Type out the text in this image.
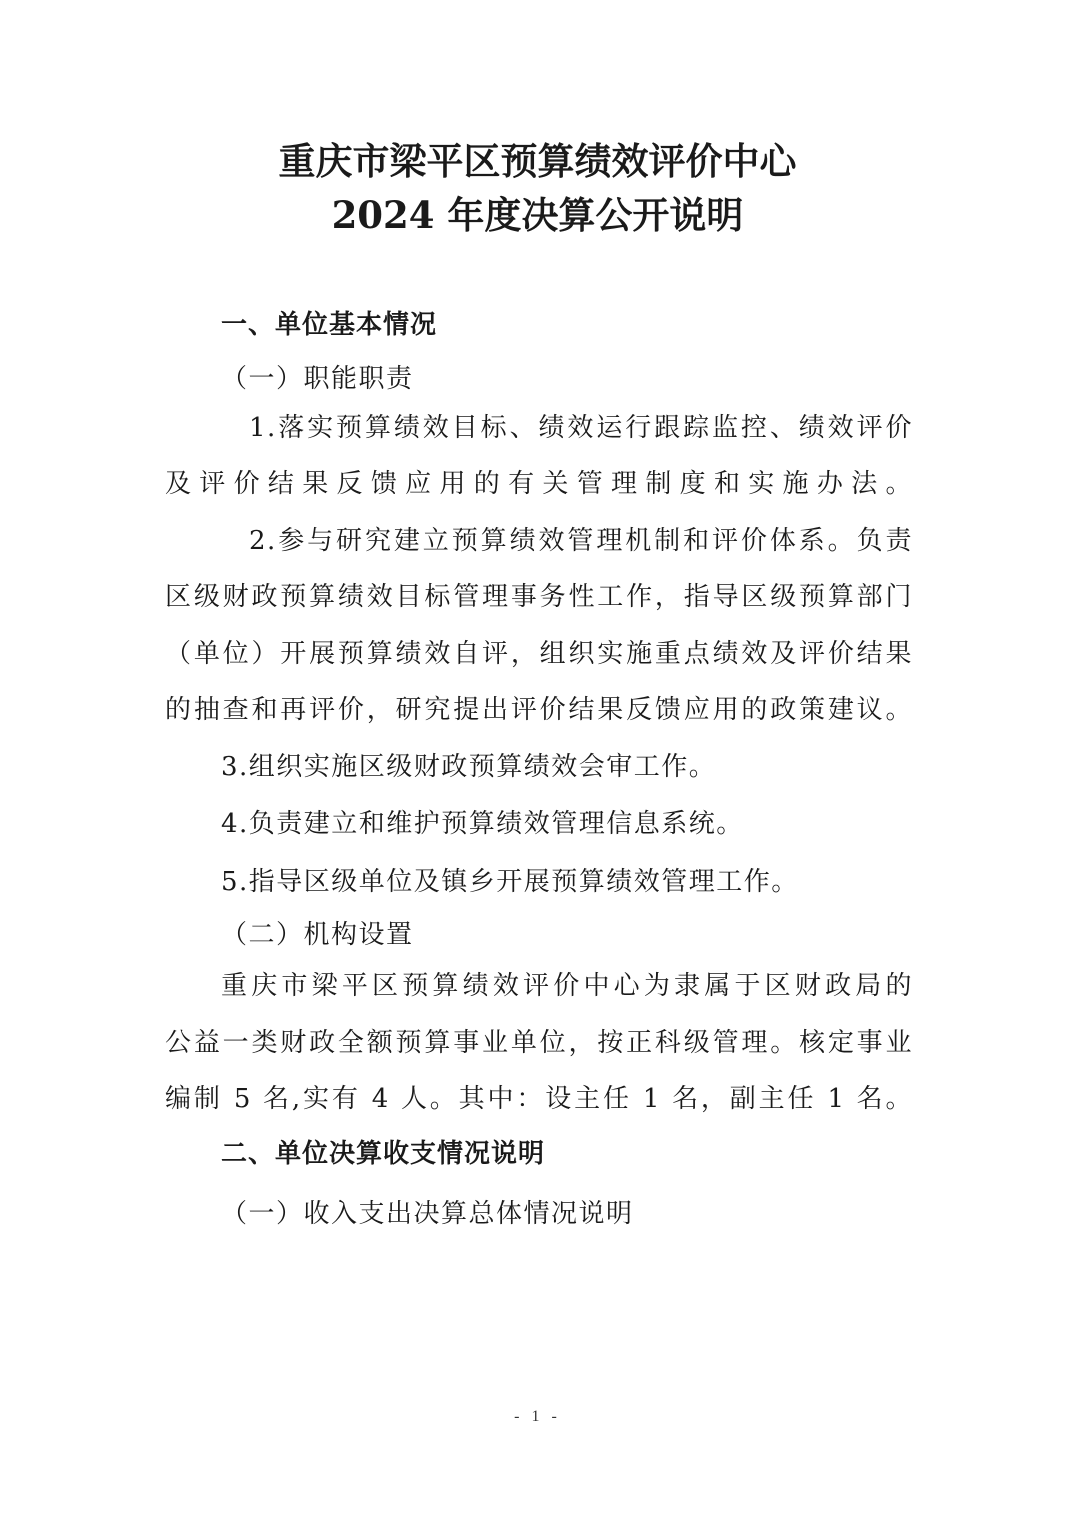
重庆市梁平区预算绩效评价中心
2024 年度决算公开说明
一、单位基本情况
（一）职能职责
1.落实预算绩效目标、绩效运行跟踪监控、绩效评价
及评价结果反馈应用的有关管理制度和实施办法。
2.参与研究建立预算绩效管理机制和评价体系。负责
区级财政预算绩效目标管理事务性工作，指导区级预算部门
（单位）开展预算绩效自评，组织实施重点绩效及评价结果
的抽查和再评价，研究提出评价结果反馈应用的政策建议。
3.组织实施区级财政预算绩效会审工作。
4.负责建立和维护预算绩效管理信息系统。
5.指导区级单位及镇乡开展预算绩效管理工作。
（二）机构设置
重庆市梁平区预算绩效评价中心为隶属于区财政局的
公益一类财政全额预算事业单位，按正科级管理。核定事业
编制 5 名,实有 4 人。其中：设主任 1 名，副主任 1 名。
二、单位决算收支情况说明
（一）收入支出决算总体情况说明
- 1 -
